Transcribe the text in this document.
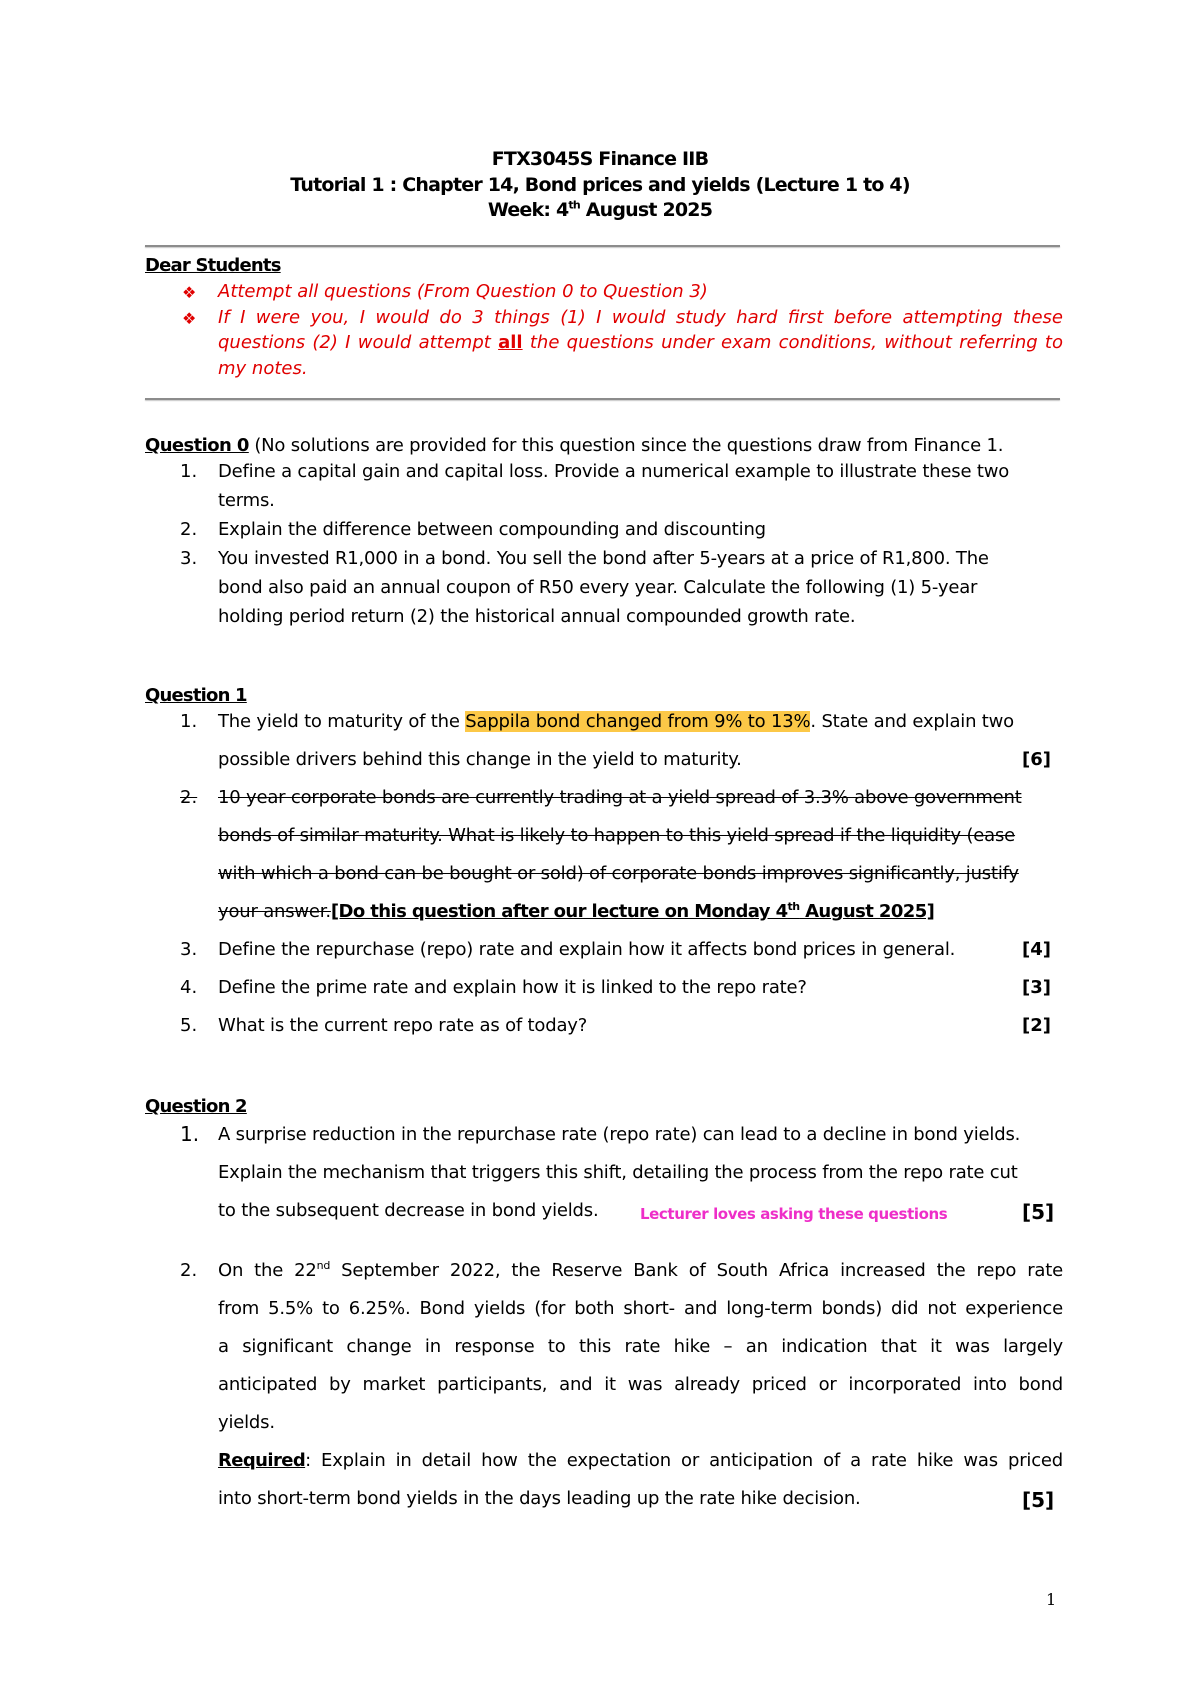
FTX3045S Finance IIB
Tutorial 1 : Chapter 14, Bond prices and yields (Lecture 1 to 4)
Week: 4th August 2025
Dear Students
❖ Attempt all questions (From Question 0 to Question 3)
❖ If I were you, I would do 3 things (1) I would study hard first before attempting these
questions (2) I would attempt all the questions under exam conditions, without referring to
my notes.
Question 0 (No solutions are provided for this question since the questions draw from Finance 1.
1. Define a capital gain and capital loss. Provide a numerical example to illustrate these two
terms.
2. Explain the difference between compounding and discounting
3. You invested R1,000 in a bond. You sell the bond after 5-years at a price of R1,800. The
bond also paid an annual coupon of R50 every year. Calculate the following (1) 5-year
holding period return (2) the historical annual compounded growth rate.
Question 1
1. The yield to maturity of the Sappila bond changed from 9% to 13%. State and explain two
possible drivers behind this change in the yield to maturity.	[6]
2. 10 year corporate bonds are currently trading at a yield spread of 3.3% above government
bonds of similar maturity. What is likely to happen to this yield spread if the liquidity (ease
with which a bond can be bought or sold) of corporate bonds improves significantly, justify
your answer.[Do this question after our lecture on Monday 4th August 2025]
3. Define the repurchase (repo) rate and explain how it affects bond prices in general.	[4]
4. Define the prime rate and explain how it is linked to the repo rate?	[3]
5. What is the current repo rate as of today?	[2]
Question 2
1. A surprise reduction in the repurchase rate (repo rate) can lead to a decline in bond yields.
Explain the mechanism that triggers this shift, detailing the process from the repo rate cut
to the subsequent decrease in bond yields.	Lecturer loves asking these questions	[5]
2. On the 22nd September 2022, the Reserve Bank of South Africa increased the repo rate
from 5.5% to 6.25%. Bond yields (for both short- and long-term bonds) did not experience
a significant change in response to this rate hike – an indication that it was largely
anticipated by market participants, and it was already priced or incorporated into bond
yields.
Required: Explain in detail how the expectation or anticipation of a rate hike was priced
into short-term bond yields in the days leading up the rate hike decision.	[5]
1
